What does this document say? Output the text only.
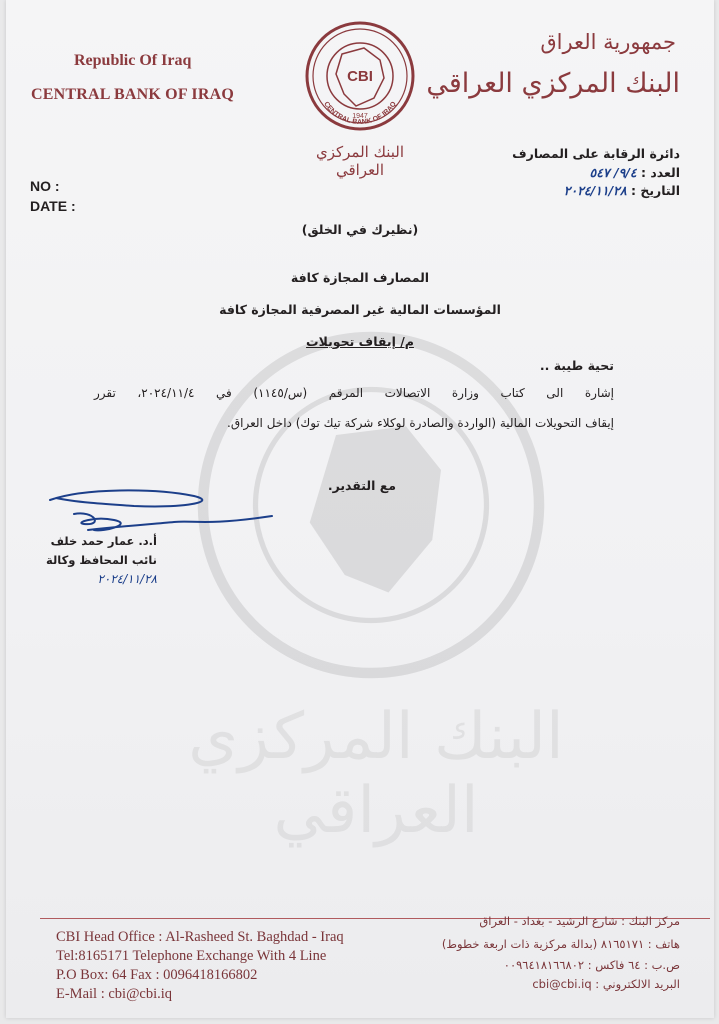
البنك المركزي العراقي
Republic Of Iraq
CENTRAL BANK OF IRAQ
CBI
CENTRAL BANK OF IRAQ
1947
البنك المركزي العراقي
جمهورية العراق
البنك المركزي العراقي
دائرة الرقابة على المصارف
العدد : ٩/٤/ ٥٤٧
التاريخ : ٢٠٢٤/١١/٢٨
NO :
DATE :
(نظيرك في الخلق)
المصارف المجازة كافة
المؤسسات المالية غير المصرفية المجازة كافة
م/ إيقاف تحويلات
تحية طيبة ..
إشارة الى كتاب وزارة الاتصالات المرقم (س/١١٤٥) في ٢٠٢٤/١١/٤، تقرر
إيقاف التحويلات المالية (الواردة والصادرة لوكلاء شركة تيك توك) داخل العراق.
مع التقدير.
أ.د. عمار حمد خلف
نائب المحافظ وكالة
٢٠٢٤/١١/٢٨
CBI Head Office : Al-Rasheed St. Baghdad - Iraq
Tel:8165171 Telephone Exchange With 4 Line
P.O Box: 64 Fax : 0096418166802
E-Mail : cbi@cbi.iq
مركز البنك : شارع الرشيد - بغداد - العراق
هاتف : ٨١٦٥١٧١ (بدالة مركزية ذات اربعة خطوط)
ص.ب : ٦٤ فاكس : ٠٠٩٦٤١٨١٦٦٨٠٢
البريد الالكتروني : cbi@cbi.iq
